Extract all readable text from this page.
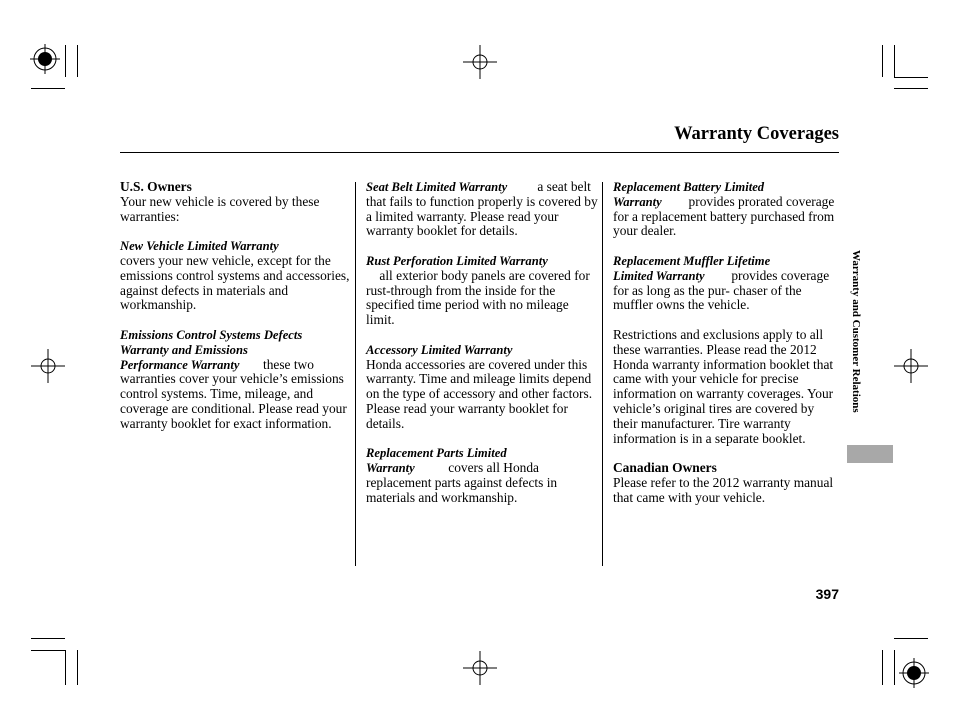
Warranty Coverages

U.S. Owners
Your new vehicle is covered by these warranties:

New Vehicle Limited Warranty
covers your new vehicle, except for the emissions control systems and accessories, against defects in materials and workmanship.

Emissions Control Systems Defects
Warranty and Emissions
Performance Warranty these two warranties cover your vehicle’s emissions control systems. Time, mileage, and coverage are conditional. Please read your warranty booklet for exact information.

Seat Belt Limited Warranty a seat belt that fails to function properly is covered by a limited warranty. Please read your warranty booklet for details.

Rust Perforation Limited Warranty
all exterior body panels are covered for rust-through from the inside for the specified time period with no mileage limit.

Accessory Limited Warranty
Honda accessories are covered under this warranty. Time and mileage limits depend on the type of accessory and other factors. Please read your warranty booklet for details.

Replacement Parts Limited
Warranty covers all Honda replacement parts against defects in materials and workmanship.

Replacement Battery Limited
Warranty provides prorated coverage for a replacement battery purchased from your dealer.

Replacement Muffler Lifetime
Limited Warranty provides coverage for as long as the pur- chaser of the muffler owns the vehicle.

Restrictions and exclusions apply to all these warranties. Please read the 2012 Honda warranty information booklet that came with your vehicle for precise information on warranty coverages. Your vehicle’s original tires are covered by their manufacturer. Tire warranty information is in a separate booklet.

Canadian Owners
Please refer to the 2012 warranty manual that came with your vehicle.

Warranty and Customer Relations
397
